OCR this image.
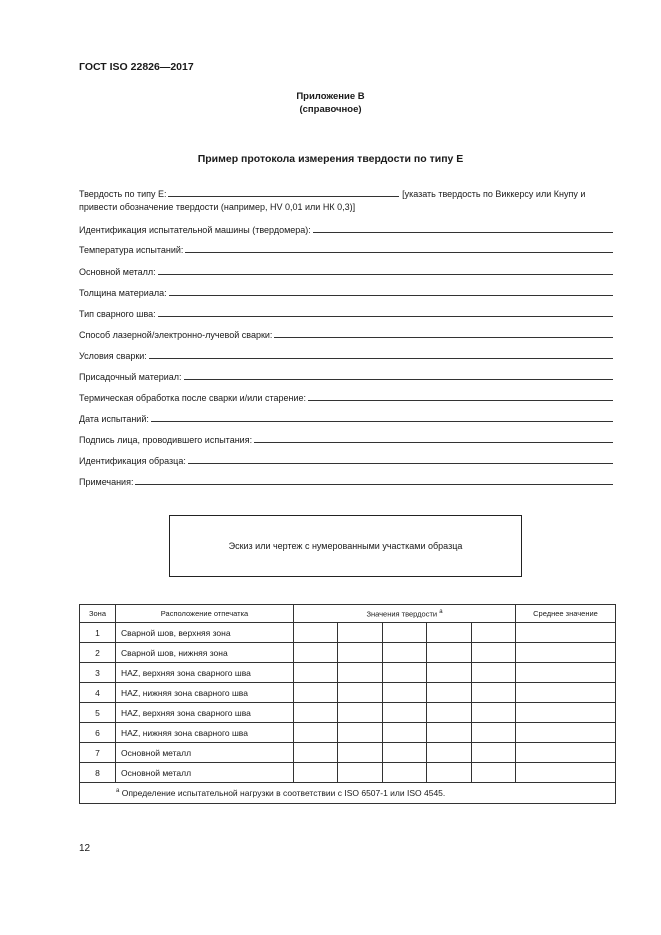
ГОСТ ISO 22826—2017
Приложение В
(справочное)
Пример протокола измерения твердости по типу Е
Твердость по типу Е:	[указать твердость по Виккерсу или Кнупу и
привести обозначение твердости (например, HV 0,01 или НК 0,3)]
Идентификация испытательной машины (твердомера):
Температура испытаний:
Основной металл:
Толщина материала:
Тип сварного шва:
Способ лазерной/электронно-лучевой сварки:
Условия сварки:
Присадочный материал:
Термическая обработка после сварки и/или старение:
Дата испытаний:
Подпись лица, проводившего испытания:
Идентификация образца:
Примечания:
Эскиз или чертеж с нумерованными участками образца
Зона	Расположение отпечатка	Значения твердости $^a$					Среднее значение
1	Сварной шов, верхняя зона						
2	Сварной шов, нижняя зона						
3	HAZ, верхняя зона сварного шва						
4	HAZ, нижняя зона сварного шва						
5	HAZ, верхняя зона сварного шва						
6	HAZ, нижняя зона сварного шва						
7	Основной металл						
8	Основной металл						
$^a$ Определение испытательной нагрузки в соответствии с ISO 6507-1 или ISO 4545.							
12
